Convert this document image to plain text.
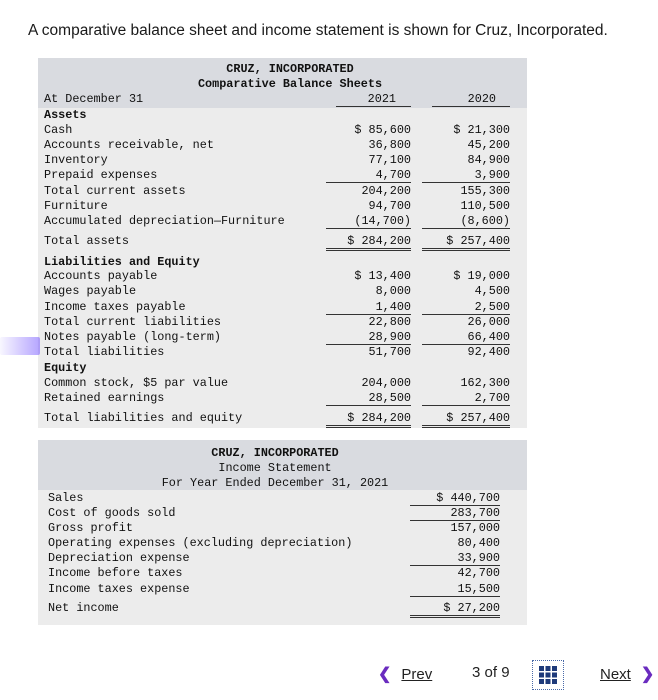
A comparative balance sheet and income statement is shown for Cruz, Incorporated.
CRUZ, INCORPORATED
Comparative Balance Sheets
At December 31	2021	2020
Assets
Cash	$ 85,600	$ 21,300
Accounts receivable, net	36,800	45,200
Inventory	77,100	84,900
Prepaid expenses	4,700	3,900
Total current assets	204,200	155,300
Furniture	94,700	110,500
Accumulated depreciation—Furniture	(14,700)	(8,600)
Total assets	$ 284,200	$ 257,400
Liabilities and Equity
Accounts payable	$ 13,400	$ 19,000
Wages payable	8,000	4,500
Income taxes payable	1,400	2,500
Total current liabilities	22,800	26,000
Notes payable (long-term)	28,900	66,400
Total liabilities	51,700	92,400
Equity
Common stock, $5 par value	204,000	162,300
Retained earnings	28,500	2,700
Total liabilities and equity	$ 284,200	$ 257,400
CRUZ, INCORPORATED
Income Statement
For Year Ended December 31, 2021
Sales	$ 440,700
Cost of goods sold	283,700
Gross profit	157,000
Operating expenses (excluding depreciation)	80,400
Depreciation expense	33,900
Income before taxes	42,700
Income taxes expense	15,500
Net income	$ 27,200
❮ Prev	3 of 9	Next ❯
